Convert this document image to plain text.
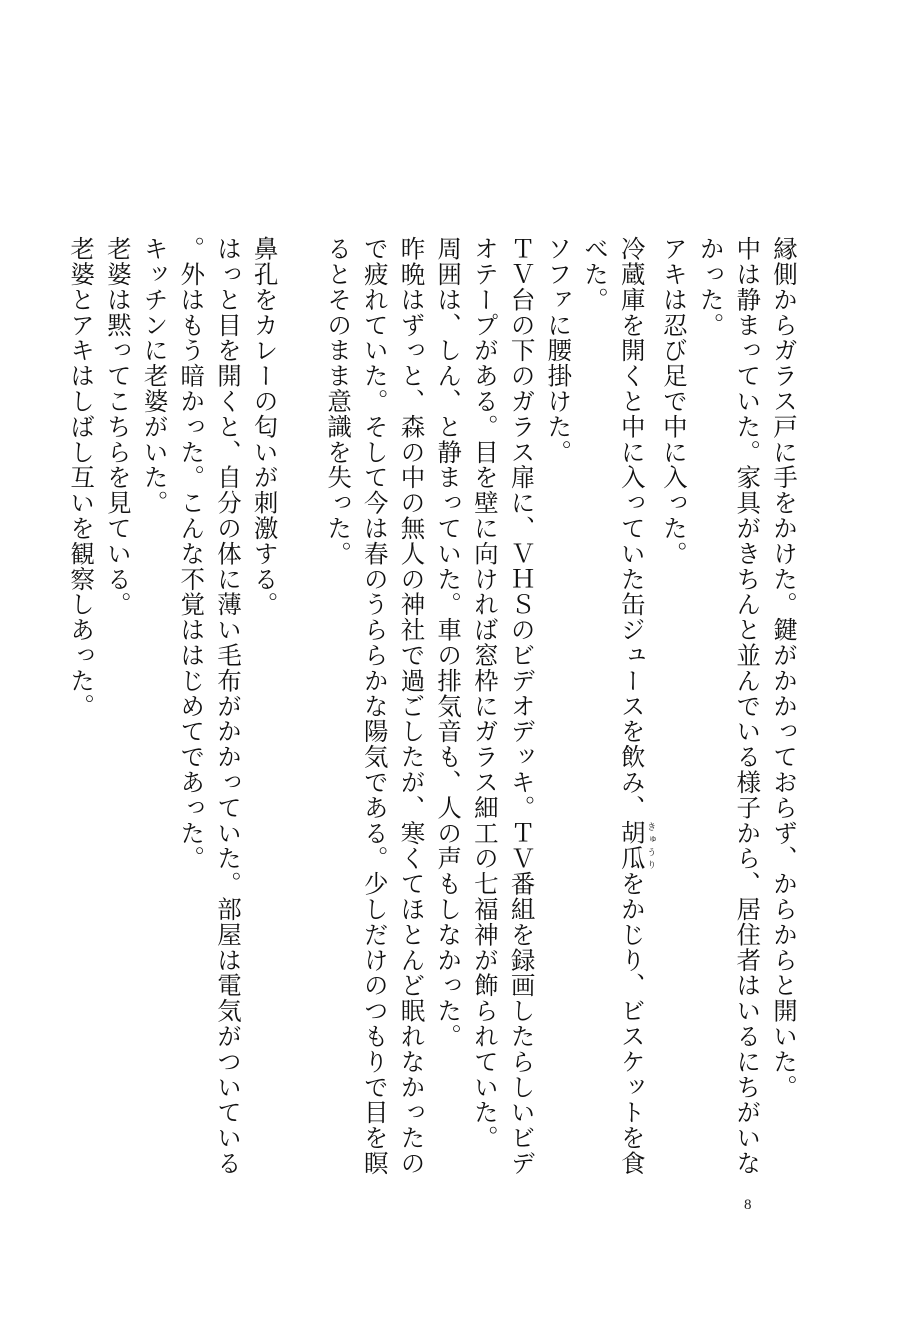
縁側からガラス戸に手をかけた。鍵がかかっておらず、からからと開いた。

中は静まっていた。家具がきちんと並んでいる様子から、居住者はいるにちがいなかった。

アキは忍び足で中に入った。

冷蔵庫を開くと中に入っていた缶ジュースを飲み、胡瓜きゅうりをかじり、ビスケットを食べた。

ソファに腰掛けた。

ＴＶ台の下のガラス扉に、ＶＨＳのビデオデッキ。ＴＶ番組を録画したらしいビデオテープがある。目を壁に向ければ窓枠にガラス細工の七福神が飾られていた。

周囲は、しん、と静まっていた。車の排気音も、人の声もしなかった。

昨晩はずっと、森の中の無人の神社で過ごしたが、寒くてほとんど眠れなかったので疲れていた。そして今は春のうららかな陽気である。少しだけのつもりで目を瞑るとそのまま意識を失った。

鼻孔をカレーの匂いが刺激する。

はっと目を開くと、自分の体に薄い毛布がかかっていた。部屋は電気がついている。外はもう暗かった。こんな不覚ははじめてであった。

キッチンに老婆がいた。

老婆は黙ってこちらを見ている。

老婆とアキはしばし互いを観察しあった。

8
